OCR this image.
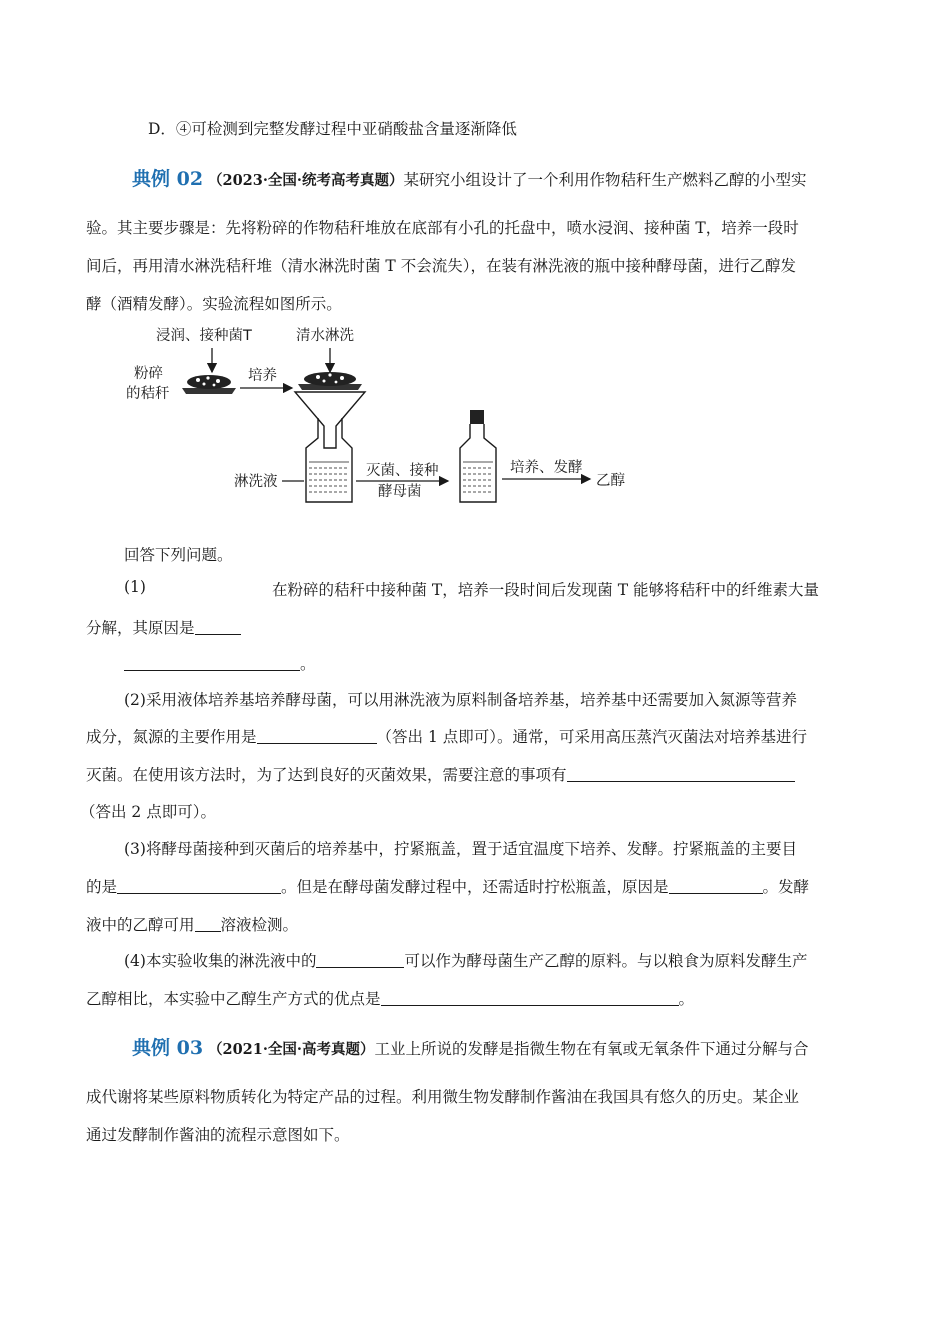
D．④可检测到完整发酵过程中亚硝酸盐含量逐渐降低
典例 02 （2023·全国·统考高考真题）某研究小组设计了一个利用作物秸秆生产燃料乙醇的小型实
验。其主要步骤是：先将粉碎的作物秸秆堆放在底部有小孔的托盘中，喷水浸润、接种菌 T，培养一段时
间后，再用清水淋洗秸秆堆（清水淋洗时菌 T 不会流失），在装有淋洗液的瓶中接种酵母菌，进行乙醇发
酵（酒精发酵）。实验流程如图所示。
浸润、接种菌T	清水淋洗
粉碎
的秸秆
培养
淋洗液
灭菌、接种
酵母菌
培养、发酵
乙醇
回答下列问题。
(1)	在粉碎的秸秆中接种菌 T，培养一段时间后发现菌 T 能够将秸秆中的纤维素大量
分解，其原因是
。
(2)采用液体培养基培养酵母菌，可以用淋洗液为原料制备培养基，培养基中还需要加入氮源等营养
成分，氮源的主要作用是	（答出 1 点即可）。通常，可采用高压蒸汽灭菌法对培养基进行
灭菌。在使用该方法时，为了达到良好的灭菌效果，需要注意的事项有
（答出 2 点即可）。
(3)将酵母菌接种到灭菌后的培养基中，拧紧瓶盖，置于适宜温度下培养、发酵。拧紧瓶盖的主要目
的是	。但是在酵母菌发酵过程中，还需适时拧松瓶盖，原因是	。发酵
液中的乙醇可用 溶液检测。
(4)本实验收集的淋洗液中的	可以作为酵母菌生产乙醇的原料。与以粮食为原料发酵生产
乙醇相比，本实验中乙醇生产方式的优点是	。
典例 03 （2021·全国·高考真题）工业上所说的发酵是指微生物在有氧或无氧条件下通过分解与合
成代谢将某些原料物质转化为特定产品的过程。利用微生物发酵制作酱油在我国具有悠久的历史。某企业
通过发酵制作酱油的流程示意图如下。
